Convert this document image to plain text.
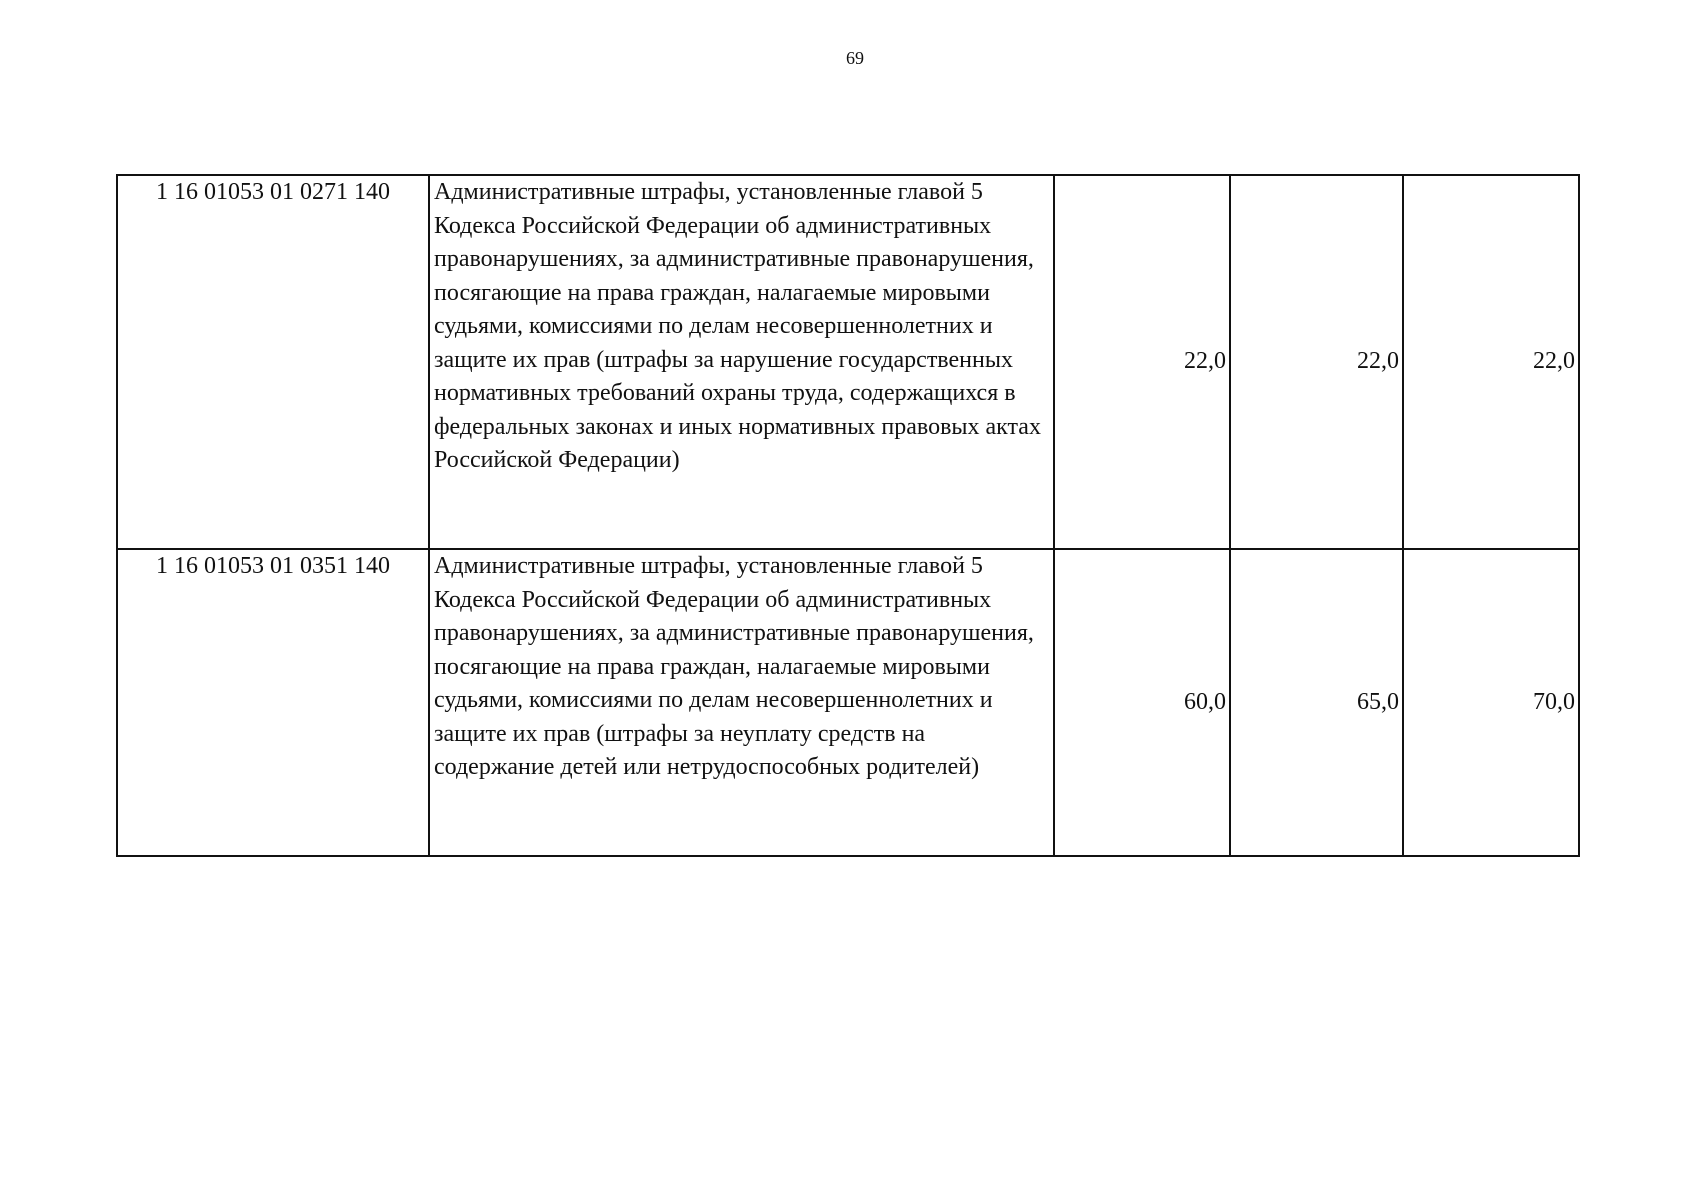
69
1 16 01053 01 0271 140	Административные штрафы, установленные главой 5 Кодекса Российской Федерации об административных правонарушениях, за административные правонарушения, посягающие на права граждан, налагаемые мировыми судьями, комиссиями по делам несовершеннолетних и защите их прав (штрафы за нарушение государственных нормативных требований охраны труда, содержащихся в федеральных законах и иных нормативных правовых актах Российской Федерации)	22,0	22,0	22,0
1 16 01053 01 0351 140	Административные штрафы, установленные главой 5 Кодекса Российской Федерации об административных правонарушениях, за административные правонарушения, посягающие на права граждан, налагаемые мировыми судьями, комиссиями по делам несовершеннолетних и защите их прав (штрафы за неуплату средств на содержание детей или нетрудоспособных родителей)	60,0	65,0	70,0
